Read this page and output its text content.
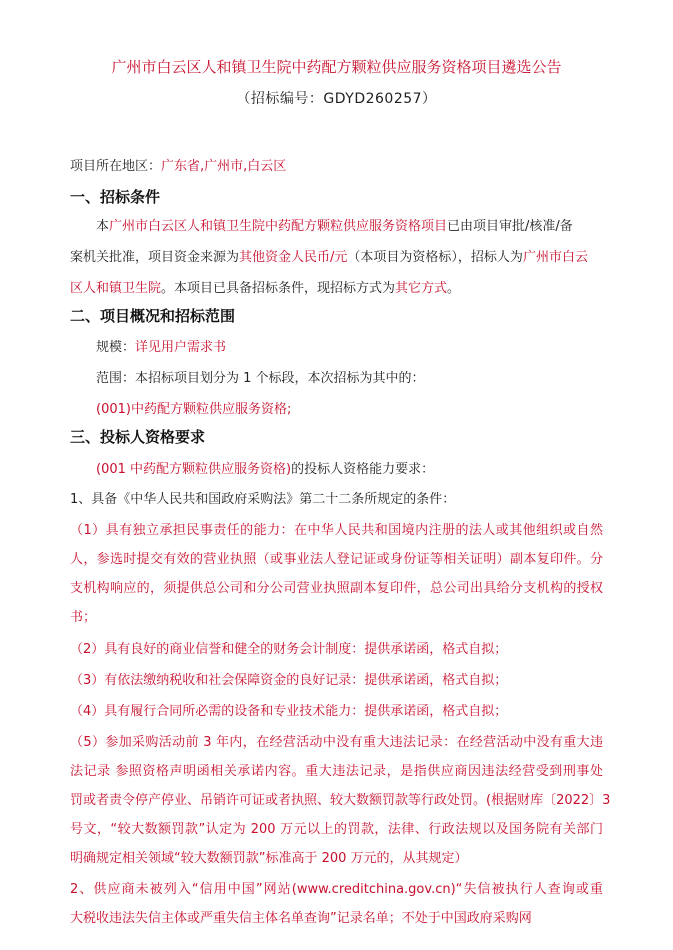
广州市白云区人和镇卫生院中药配方颗粒供应服务资格项目遴选公告
（招标编号：GDYD260257）
项目所在地区：广东省,广州市,白云区
一、招标条件
本广州市白云区人和镇卫生院中药配方颗粒供应服务资格项目已由项目审批/核准/备
案机关批准，项目资金来源为其他资金人民币/元（本项目为资格标），招标人为广州市白云
区人和镇卫生院。本项目已具备招标条件，现招标方式为其它方式。
二、项目概况和招标范围
规模：详见用户需求书
范围：本招标项目划分为 1 个标段，本次招标为其中的：
(001)中药配方颗粒供应服务资格;
三、投标人资格要求
(001 中药配方颗粒供应服务资格)的投标人资格能力要求：
1、具备《中华人民共和国政府采购法》第二十二条所规定的条件：
（1）具有独立承担民事责任的能力：在中华人民共和国境内注册的法人或其他组织或自然
人，参选时提交有效的营业执照（或事业法人登记证或身份证等相关证明）副本复印件。分
支机构响应的，须提供总公司和分公司营业执照副本复印件，总公司出具给分支机构的授权
书；
（2）具有良好的商业信誉和健全的财务会计制度：提供承诺函，格式自拟；
（3）有依法缴纳税收和社会保障资金的良好记录：提供承诺函，格式自拟；
（4）具有履行合同所必需的设备和专业技术能力：提供承诺函，格式自拟；
（5）参加采购活动前 3 年内，在经营活动中没有重大违法记录：在经营活动中没有重大违
法记录 参照资格声明函相关承诺内容。重大违法记录，是指供应商因违法经营受到刑事处
罚或者责令停产停业、吊销许可证或者执照、较大数额罚款等行政处罚。(根据财库〔2022〕3
号文，“较大数额罚款”认定为 200 万元以上的罚款，法律、行政法规以及国务院有关部门
明确规定相关领域“较大数额罚款”标准高于 200 万元的，从其规定）
2、供应商未被列入“信用中国”网站(www.creditchina.gov.cn)“失信被执行人查询或重
大税收违法失信主体或严重失信主体名单查询”记录名单；不处于中国政府采购网
